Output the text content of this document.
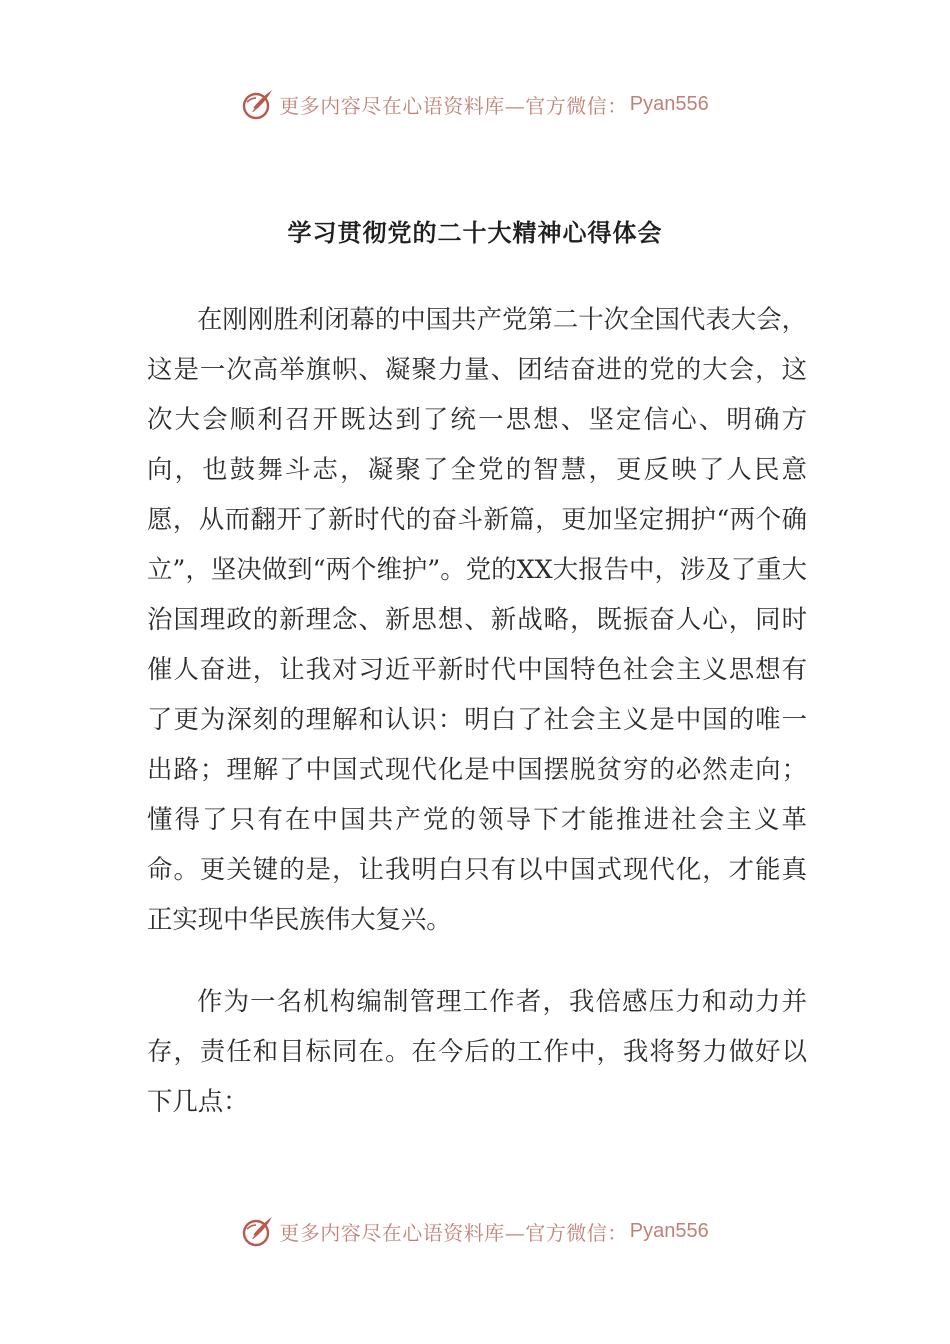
更多内容尽在心语资料库—官方微信： Pyan556
学习贯彻党的二十大精神心得体会

在刚刚胜利闭幕的中国共产党第二十次全国代表大会，这是一次高举旗帜、凝聚力量、团结奋进的党的大会，这次大会顺利召开既达到了统一思想、坚定信心、明确方向，也鼓舞斗志，凝聚了全党的智慧，更反映了人民意愿，从而翻开了新时代的奋斗新篇，更加坚定拥护“两个确立”，坚决做到“两个维护”。党的XX大报告中，涉及了重大治国理政的新理念、新思想、新战略，既振奋人心，同时催人奋进，让我对习近平新时代中国特色社会主义思想有了更为深刻的理解和认识：明白了社会主义是中国的唯一出路；理解了中国式现代化是中国摆脱贫穷的必然走向；懂得了只有在中国共产党的领导下才能推进社会主义革命。更关键的是，让我明白只有以中国式现代化，才能真正实现中华民族伟大复兴。

作为一名机构编制管理工作者，我倍感压力和动力并存，责任和目标同在。在今后的工作中，我将努力做好以下几点：

更多内容尽在心语资料库—官方微信： Pyan556
